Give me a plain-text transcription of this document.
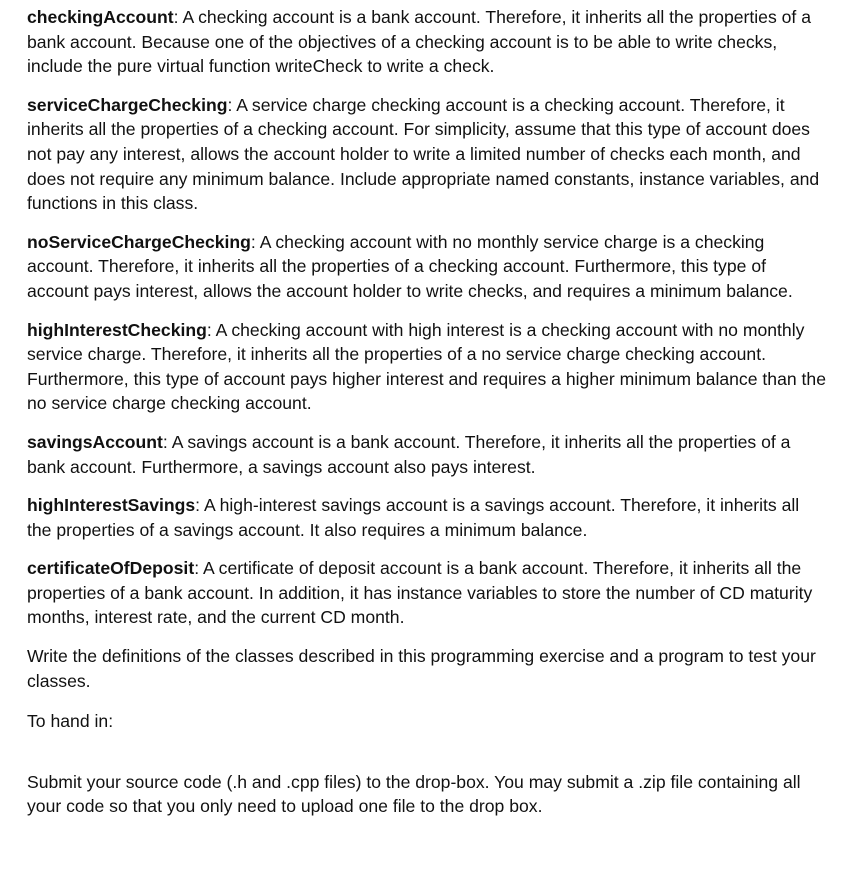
checkingAccount: A checking account is a bank account. Therefore, it inherits all the properties of a bank account. Because one of the objectives of a checking account is to be able to write checks, include the pure virtual function writeCheck to write a check.

serviceChargeChecking: A service charge checking account is a checking account. Therefore, it inherits all the properties of a checking account. For simplicity, assume that this type of account does not pay any interest, allows the account holder to write a limited number of checks each month, and does not require any minimum balance. Include appropriate named constants, instance variables, and functions in this class.

noServiceChargeChecking: A checking account with no monthly service charge is a checking account. Therefore, it inherits all the properties of a checking account. Furthermore, this type of account pays interest, allows the account holder to write checks, and requires a minimum balance.

highInterestChecking: A checking account with high interest is a checking account with no monthly service charge. Therefore, it inherits all the properties of a no service charge checking account. Furthermore, this type of account pays higher interest and requires a higher minimum balance than the no service charge checking account.

savingsAccount: A savings account is a bank account. Therefore, it inherits all the properties of a bank account. Furthermore, a savings account also pays interest.

highInterestSavings: A high-interest savings account is a savings account. Therefore, it inherits all the properties of a savings account. It also requires a minimum balance.

certificateOfDeposit: A certificate of deposit account is a bank account. Therefore, it inherits all the properties of a bank account. In addition, it has instance variables to store the number of CD maturity months, interest rate, and the current CD month.

Write the definitions of the classes described in this programming exercise and a program to test your classes.

To hand in:

Submit your source code (.h and .cpp files) to the drop-box. You may submit a .zip file containing all your code so that you only need to upload one file to the drop box.
